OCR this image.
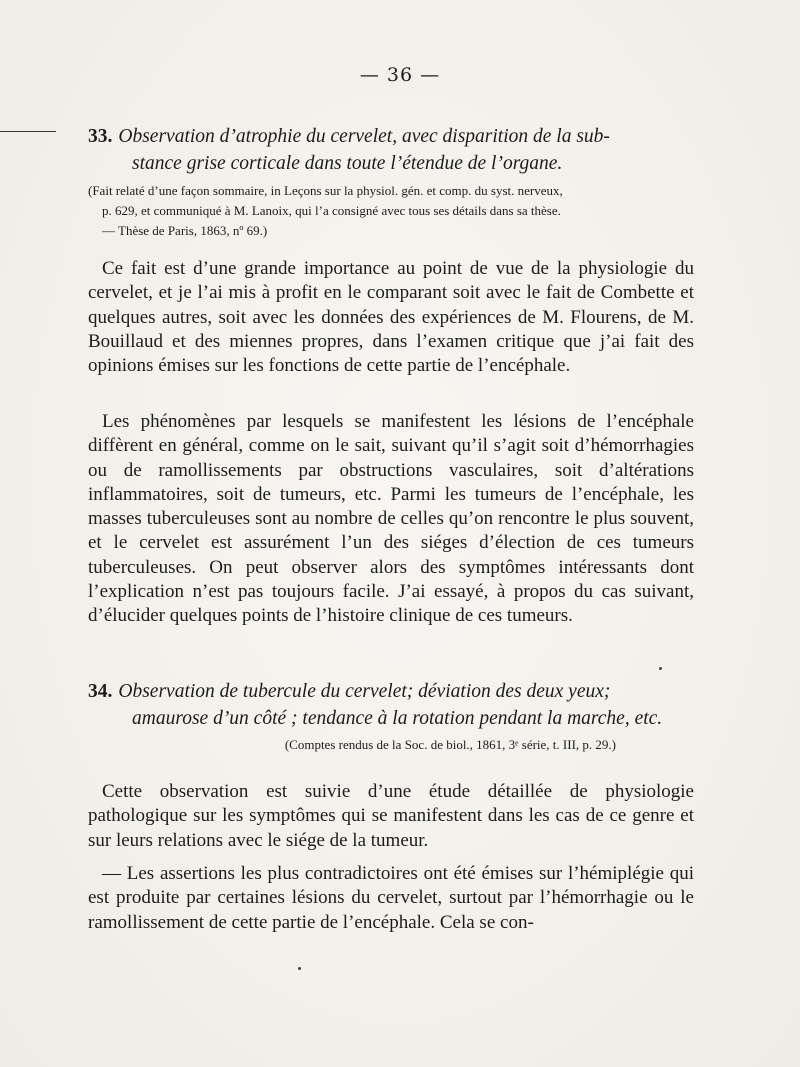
— 36 —
33. Observation d’atrophie du cervelet, avec disparition de la sub-
stance grise corticale dans toute l’étendue de l’organe.
(Fait relaté d’une façon sommaire, in Leçons sur la physiol. gén. et comp. du syst. nerveux,
p. 629, et communiqué à M. Lanoix, qui l’a consigné avec tous ses détails dans sa thèse.
— Thèse de Paris, 1863, nº 69.)

Ce fait est d’une grande importance au point de vue de la physiologie du cervelet, et je l’ai mis à profit en le comparant soit avec le fait de Combette et quelques autres, soit avec les données des expériences de M. Flourens, de M. Bouillaud et des miennes propres, dans l’examen critique que j’ai fait des opinions émises sur les fonctions de cette partie de l’encéphale.

Les phénomènes par lesquels se manifestent les lésions de l’encéphale diffèrent en général, comme on le sait, suivant qu’il s’agit soit d’hémorrhagies ou de ramollissements par obstructions vasculaires, soit d’altérations inflammatoires, soit de tumeurs, etc. Parmi les tumeurs de l’encéphale, les masses tuberculeuses sont au nombre de celles qu’on rencontre le plus souvent, et le cervelet est assurément l’un des siéges d’élection de ces tumeurs tuberculeuses. On peut observer alors des symptômes intéressants dont l’explication n’est pas toujours facile. J’ai essayé, à propos du cas suivant, d’élucider quelques points de l’histoire clinique de ces tumeurs.

34. Observation de tubercule du cervelet; déviation des deux yeux;
amaurose d’un côté ; tendance à la rotation pendant la marche, etc.
(Comptes rendus de la Soc. de biol., 1861, 3ᵉ série, t. III, p. 29.)

Cette observation est suivie d’une étude détaillée de physiologie pathologique sur les symptômes qui se manifestent dans les cas de ce genre et sur leurs relations avec le siége de la tumeur.

— Les assertions les plus contradictoires ont été émises sur l’hémiplégie qui est produite par certaines lésions du cervelet, surtout par l’hémorrhagie ou le ramollissement de cette partie de l’encéphale. Cela se con-
